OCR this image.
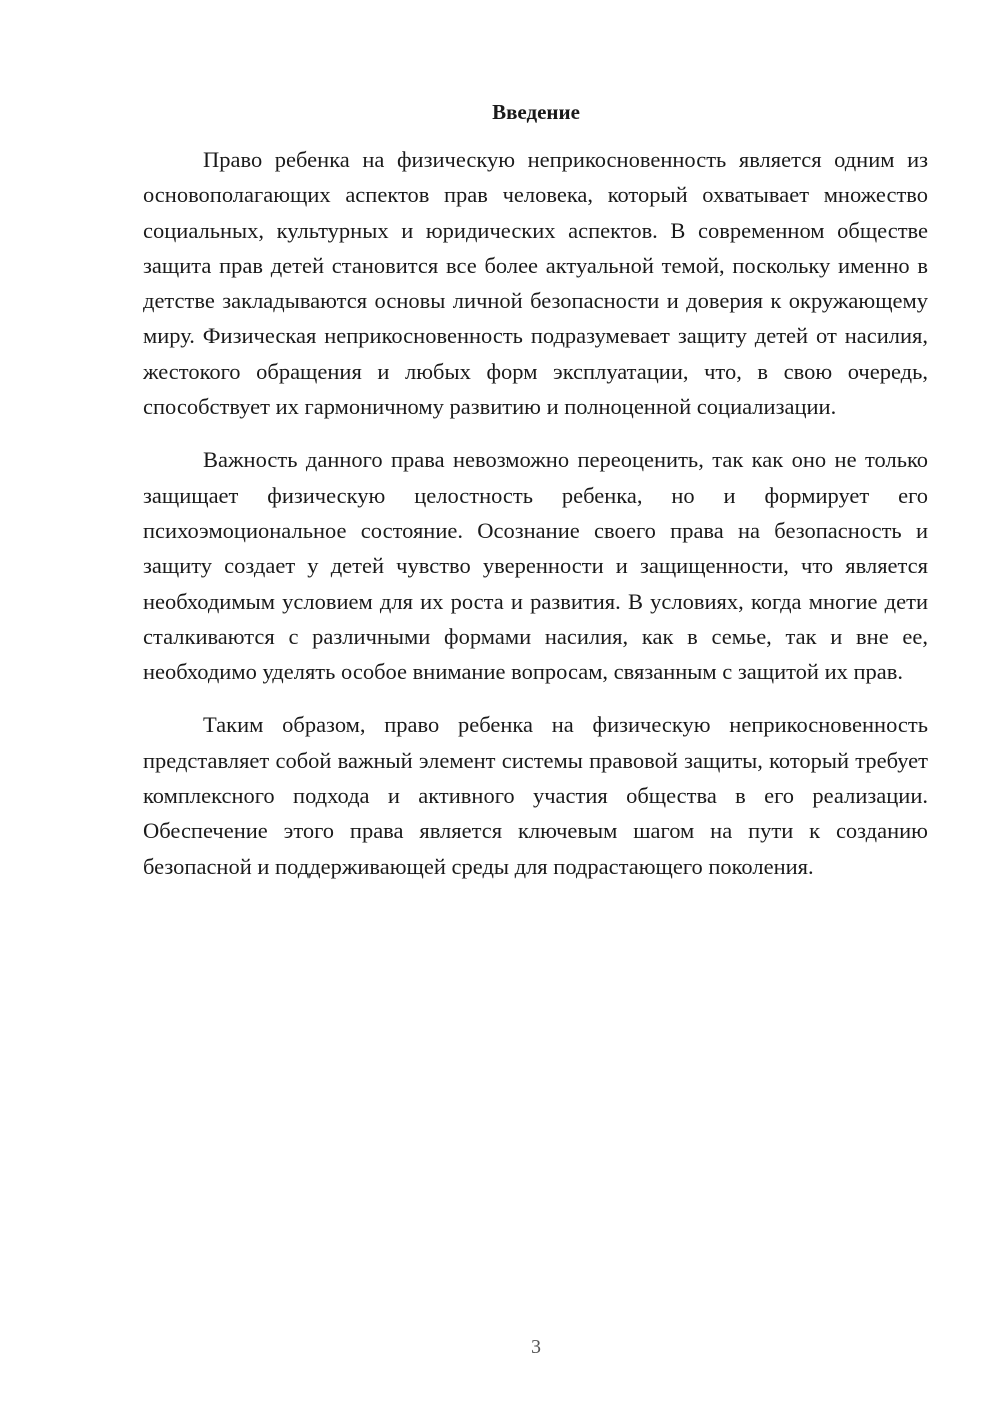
Введение

Право ребенка на физическую неприкосновенность является одним из основополагающих аспектов прав человека, который охватывает множество социальных, культурных и юридических аспектов. В современном обществе защита прав детей становится все более актуальной темой, поскольку именно в детстве закладываются основы личной безопасности и доверия к окружающему миру. Физическая неприкосновенность подразумевает защиту детей от насилия, жестокого обращения и любых форм эксплуатации, что, в свою очередь, способствует их гармоничному развитию и полноценной социализации.

Важность данного права невозможно переоценить, так как оно не только защищает физическую целостность ребенка, но и формирует его психоэмоциональное состояние. Осознание своего права на безопасность и защиту создает у детей чувство уверенности и защищенности, что является необходимым условием для их роста и развития. В условиях, когда многие дети сталкиваются с различными формами насилия, как в семье, так и вне ее, необходимо уделять особое внимание вопросам, связанным с защитой их прав.

Таким образом, право ребенка на физическую неприкосновенность представляет собой важный элемент системы правовой защиты, который требует комплексного подхода и активного участия общества в его реализации. Обеспечение этого права является ключевым шагом на пути к созданию безопасной и поддерживающей среды для подрастающего поколения.

3
